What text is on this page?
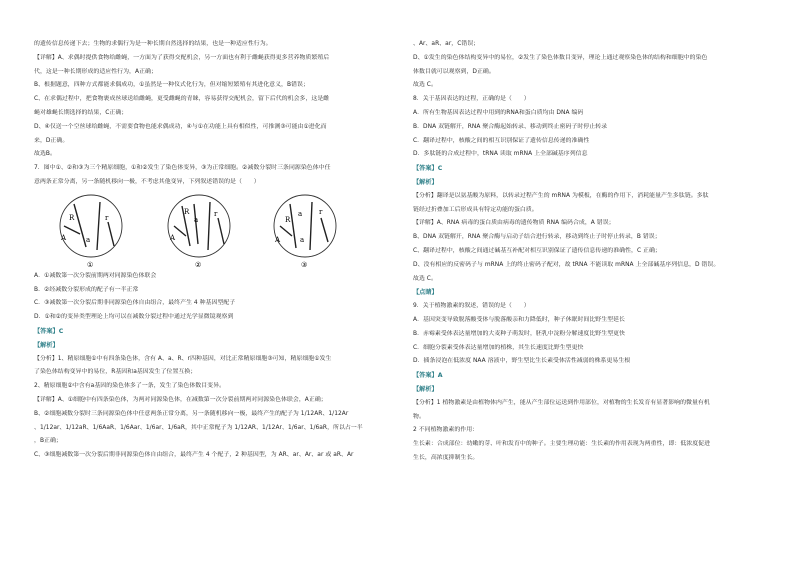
的遗传信息传递下去；生物的求偶行为是一种长期自然选择的结果，也是一种适应性行为。
【详解】A、求偶时提供食物给雌蝇，一方面为了获得交配机会，另一方面也有利于雌蝇获得更多营养物质繁殖后
代，这是一种长期形成的适应性行为，A正确；
B、根据题意，四种方式都能求偶成功，①虽然是一种仪式化行为，但对缩短繁殖有其进化意义，B错误；
C、在求偶过程中，把食物裹成丝球送给雌蝇，更受雌蝇的青睐，容易获得交配机会，留下后代的机会多，这是雌
蝇对雄蝇长期选择的结果，C正确；
D、④仅送一个空丝球给雌蝇，不需要食物也能求偶成功，④与①在功能上具有相似性，可推测③可能由①进化而
来，D正确。
故选B。
7．图中①、②和③为三个精原细胞，①和②发生了染色体变异，③为正常细胞。②减数分裂时三条同源染色体中任
意两条正常分离，另一条随机移向一极，不考虑其他变异，下列叙述错误的是（　　）
R	r
A	a
R	r
A
a
a
R
r
A	a
①	②	③
A．①减数第一次分裂前期两对同源染色体联会
B．②经减数分裂形成的配子有一半正常
C．③减数第一次分裂后期非同源染色体自由组合，最终产生 4 种基因型配子
D．①和②的变异类型理论上均可以在减数分裂过程中通过光学显微镜观察到
【答案】C
【解析】
【分析】1、精原细胞①中有四条染色体，含有 A、a、R、r四种基因，对比正常精原细胞③可知，精原细胞①发生
了染色体结构变异中的易位，R基因和a基因发生了位置互换；
2、精原细胞②中含有a基因的染色体多了一条，发生了染色体数目变异。
【详解】A、①细胞中有四条染色体，为两对同源染色体，在减数第一次分裂前期两对同源染色体联会，A正确；
B、②细胞减数分裂时三条同源染色体中任意两条正常分离，另一条随机移向一极，最终产生的配子为 1/12AR、1/12Ar
、1/12ar、1/12aR、1/6AaR、1/6Aar、1/6ar、1/6aR，其中正常配子为 1/12AR、1/12Ar、1/6ar、1/6aR，所以占一半
，B正确；
C、③细胞减数第一次分裂后期非同源染色体自由组合，最终产生 4 个配子，2 种基因型，为 AR、ar、Ar、ar 或 aR、Ar
、Ar、aR、ar，C错误；
D、①发生的染色体结构变异中的易位，②发生了染色体数目变异，理论上通过观察染色体的结构和细胞中的染色
体数目就可以观察到，D正确。
故选 C。
8．关于基因表达的过程，正确的是（　　）
A．所有生物基因表达过程中用到的RNA和蛋白质均由 DNA 编码
B．DNA 双链解开，RNA 聚合酶起始转录、移动到终止密码子时停止转录
C．翻译过程中，核酸之间的相互识别保证了遗传信息传递的准确性
D．多肽链的合成过程中，tRNA 读取 mRNA 上全部碱基序列信息
【答案】C
【解析】
【分析】翻译是以氨基酸为原料，以转录过程产生的 mRNA 为模板，在酶的作用下，消耗能量产生多肽链。多肽
链经过折叠加工后形成具有特定功能的蛋白质。
【详解】A、RNA 病毒的蛋白质由病毒的遗传物质 RNA 编码合成，A 错误；
B、DNA 双链解开，RNA 聚合酶与启动子结合进行转录，移动到终止子时停止转录，B 错误；
C、翻译过程中，核酸之间通过碱基互补配对相互识别保证了遗传信息传递的准确性，C 正确；
D、没有相应的反密码子与 mRNA 上的终止密码子配对，故 tRNA 不能读取 mRNA 上全部碱基序列信息，D 错误。
故选 C。
【点睛】
9．关于植物激素的叙述，错误的是（　　）
A．基因突变导致脱落酸受体与脱落酸亲和力降低时，种子休眠时间比野生型延长
B．赤霉素受体表达量增加的大麦种子萌发时，胚乳中淀粉分解速度比野生型更快
C．细胞分裂素受体表达量增加的植株，其生长速度比野生型更快
D．插条浸泡在低浓度 NAA 溶液中，野生型比生长素受体活性减弱的株系更易生根
【答案】A
【解析】
【分析】1 植物激素是由植物体内产生，能从产生部位运送到作用部位，对植物的生长发育有显著影响的微量有机
物。
2 不同植物激素的作用：
生长素：合成部位：幼嫩的芽、叶和发育中的种子。主要生理功能：生长素的作用表现为两重性，即：低浓度促进
生长，高浓度抑制生长。
